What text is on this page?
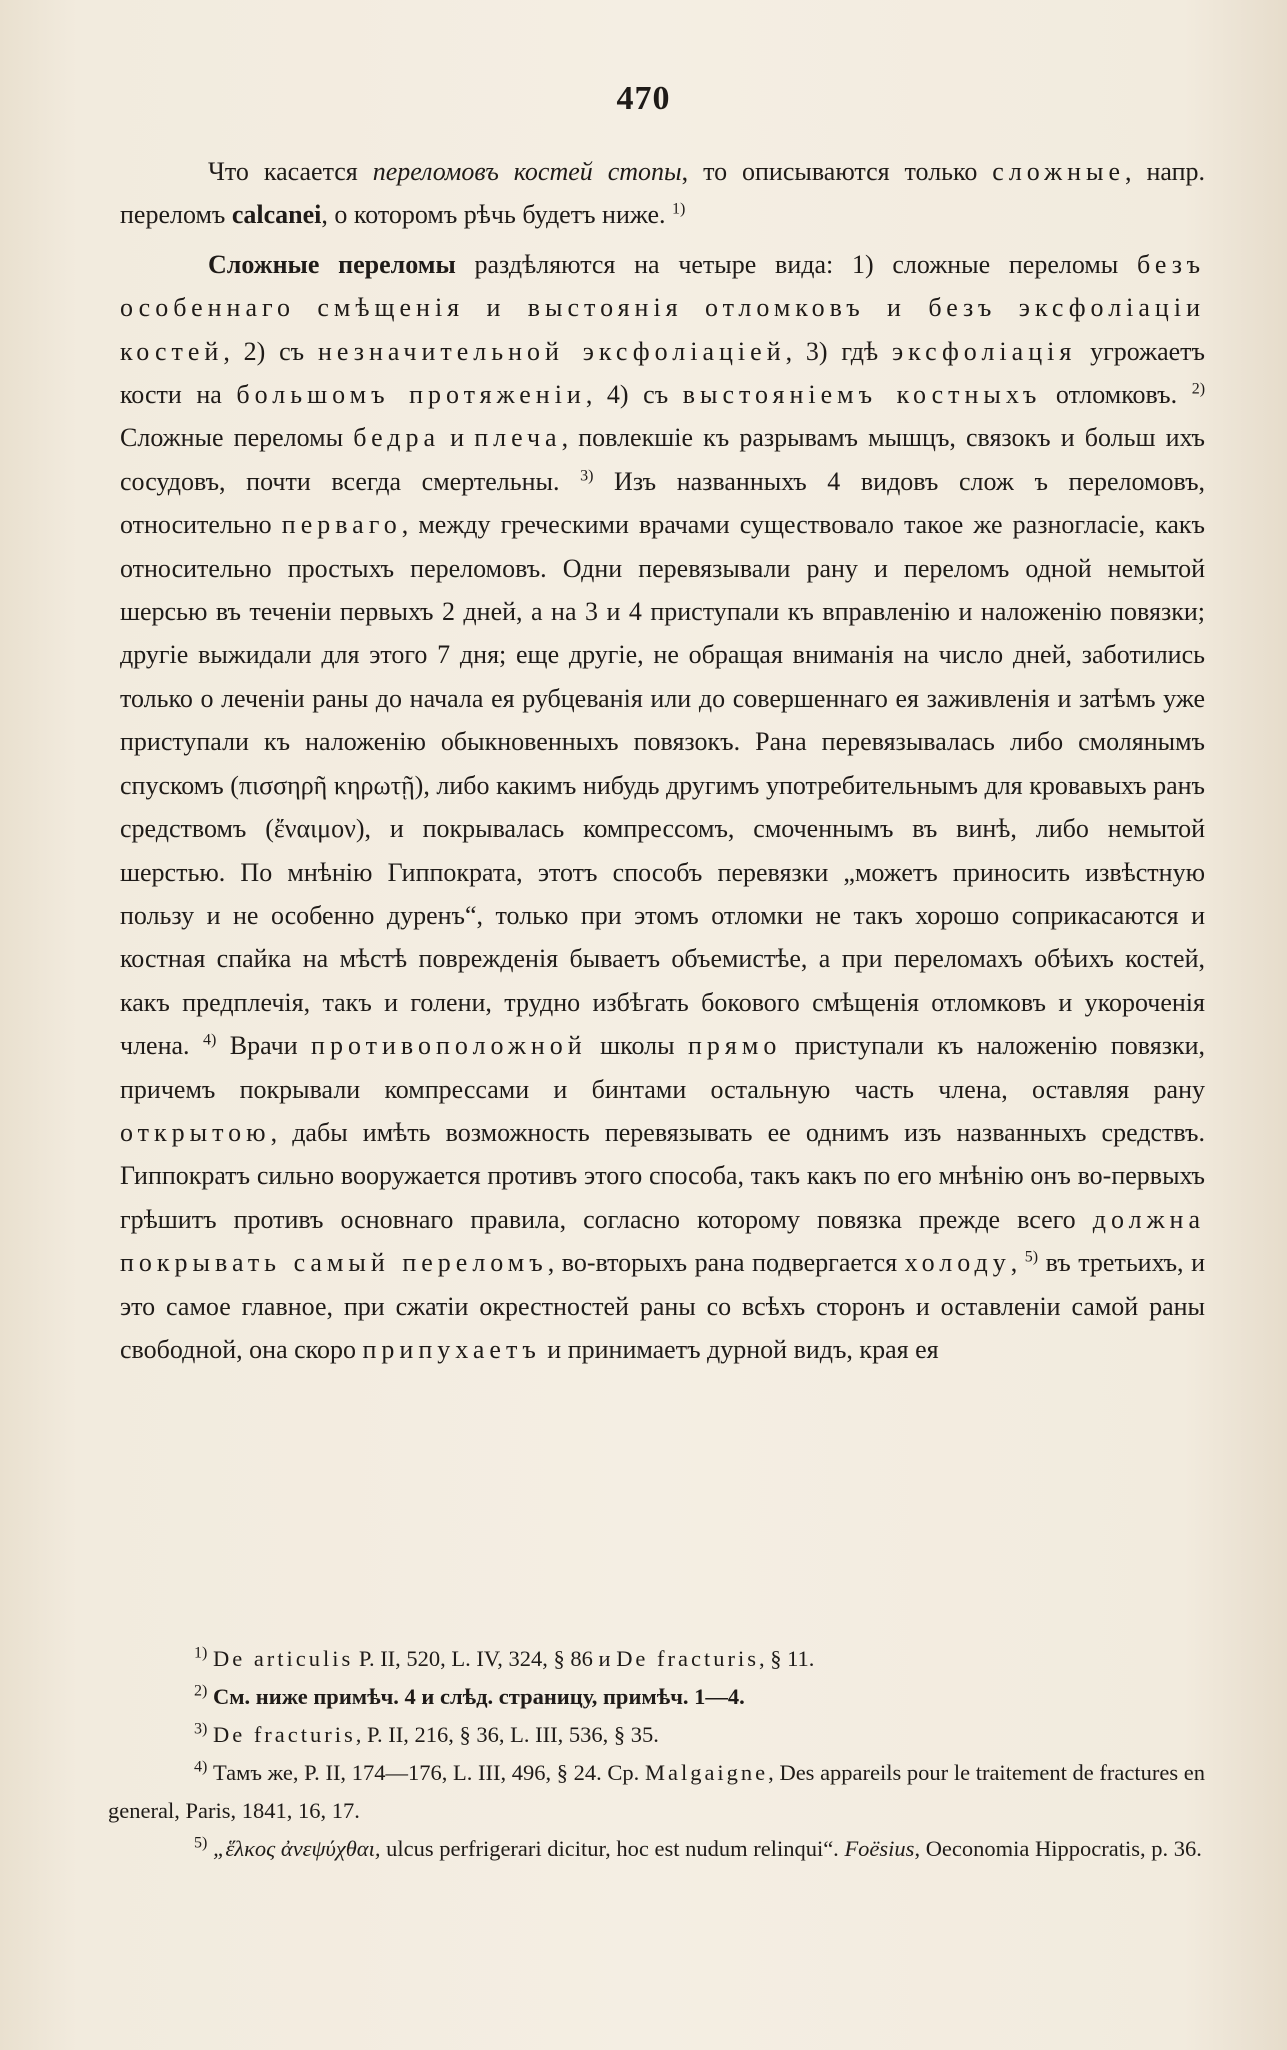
470

Что касается переломовъ костей стопы, то описываются только сложные, напр. переломъ calcanei, о которомъ рѣчь будетъ ниже. $^{1)}$

Сложные переломы раздѣляются на четыре вида: 1) сложные переломы безъ особеннаго смѣщенія и выстоянія отломковъ и безъ эксфоліаціи костей, 2) съ незначительной эксфоліаціей, 3) гдѣ эксфоліація угрожаетъ кости на большомъ протяженіи, 4) съ выстояніемъ костныхъ отломковъ. $^{2)}$ Сложные переломы бедра и плеча, повлекшіе къ разрывамъ мышцъ, связокъ и больш ихъ сосудовъ, почти всегда смертельны. $^{3)}$ Изъ названныхъ 4 видовъ слож ъ переломовъ, относительно перваго, между греческими врачами существовало такое же разногласіе, какъ относительно простыхъ переломовъ. Одни перевязывали рану и переломъ одной немытой шерсью въ теченіи первыхъ 2 дней, а на 3 и 4 приступали къ вправленію и наложенію повязки; другіе выжидали для этого 7 дня; еще другіе, не обращая вниманія на число дней, заботились только о леченіи раны до начала ея рубцеванія или до совершеннаго ея заживленія и затѣмъ уже приступали къ наложенію обыкновенныхъ повязокъ. Рана перевязывалась либо смолянымъ спускомъ (πισσηρῆ κηρωτῇ), либо какимъ нибудь другимъ употребительнымъ для кровавыхъ ранъ средствомъ (ἔναιμον), и покрывалась компрессомъ, смоченнымъ въ винѣ, либо немытой шерстью. По мнѣнію Гиппократа, этотъ способъ перевязки „можетъ приносить извѣстную пользу и не особенно дуренъ“, только при этомъ отломки не такъ хорошо соприкасаются и костная спайка на мѣстѣ поврежденія бываетъ объемистѣе, а при переломахъ обѣихъ костей, какъ предплечія, такъ и голени, трудно избѣгать бокового смѣщенія отломковъ и укороченія члена. $^{4)}$ Врачи противоположной школы прямо приступали къ наложенію повязки, причемъ покрывали компрессами и бинтами остальную часть члена, оставляя рану открытою, дабы имѣть возможность перевязывать ее однимъ изъ названныхъ средствъ. Гиппократъ сильно вооружается противъ этого способа, такъ какъ по его мнѣнію онъ во-первыхъ грѣшитъ противъ основнаго правила, согласно которому повязка прежде всего должна покрывать самый переломъ, во-вторыхъ рана подвергается холоду, $^{5)}$ въ третьихъ, и это самое главное, при сжатіи окрестностей раны со всѣхъ сторонъ и оставленіи самой раны свободной, она скоро припухаетъ и принимаетъ дурной видъ, края ея

$^{1)}$ De articulis P. II, 520, L. IV, 324, § 86 и De fracturis, § 11.

$^{2)}$ См. ниже примѣч. 4 и слѣд. страницу, примѣч. 1—4.

$^{3)}$ De fracturis, P. II, 216, § 36, L. III, 536, § 35.

$^{4)}$ Тамъ же, P. II, 174—176, L. III, 496, § 24. Ср. Malgaigne, Des appareils pour le traitement de fractures en general, Paris, 1841, 16, 17.

$^{5)}$ „ἕλκος ἀνεψύχθαι, ulcus perfrigerari dicitur, hoc est nudum relinqui“. Foësius, Oeconomia Hippocratis, p. 36.
